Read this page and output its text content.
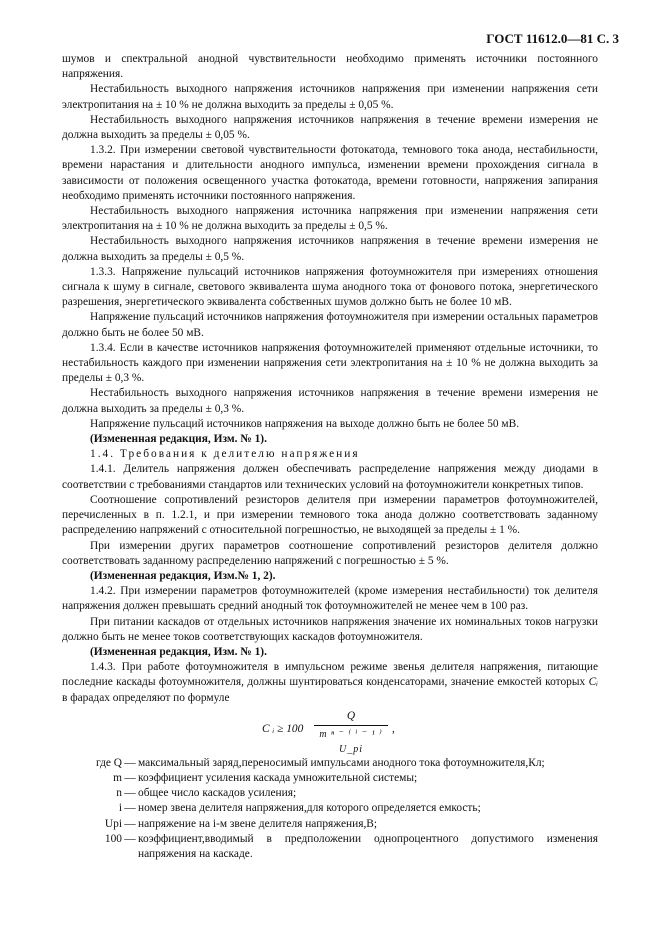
ГОСТ 11612.0—81 С. 3

шумов и спектральной анодной чувствительности необходимо применять источники постоянного напряжения.

Нестабильность выходного напряжения источников напряжения при изменении напряжения сети электропитания на ± 10 % не должна выходить за пределы ± 0,05 %.

Нестабильность выходного напряжения источников напряжения в течение времени измерения не должна выходить за пределы ± 0,05 %.

1.3.2. При измерении световой чувствительности фотокатода, темнового тока анода, нестабильности, времени нарастания и длительности анодного импульса, изменении времени прохождения сигнала в зависимости от положения освещенного участка фотокатода, времени готовности, напряжения запирания необходимо применять источники постоянного напряжения.

Нестабильность выходного напряжения источника напряжения при изменении напряжения сети электропитания на ± 10 % не должна выходить за пределы ± 0,5 %.

Нестабильность выходного напряжения источников напряжения в течение времени измерения не должна выходить за пределы ± 0,5 %.

1.3.3. Напряжение пульсаций источников напряжения фотоумножителя при измерениях отношения сигнала к шуму в сигнале, светового эквивалента шума анодного тока от фонового потока, энергетического разрешения, энергетического эквивалента собственных шумов должно быть не более 10 мВ.

Напряжение пульсаций источников напряжения фотоумножителя при измерении остальных параметров должно быть не более 50 мВ.

1.3.4. Если в качестве источников напряжения фотоумножителей применяют отдельные источники, то нестабильность каждого при изменении напряжения сети электропитания на ± 10 % не должна выходить за пределы ± 0,3 %.

Нестабильность выходного напряжения источников напряжения в течение времени измерения не должна выходить за пределы ± 0,3 %.

Напряжение пульсаций источников напряжения на выходе должно быть не более 50 мВ.

(Измененная редакция, Изм. № 1).

1.4. Требования к делителю напряжения

1.4.1. Делитель напряжения должен обеспечивать распределение напряжения между диодами в соответствии с требованиями стандартов или технических условий на фотоумножители конкретных типов.

Соотношение сопротивлений резисторов делителя при измерении параметров фотоумножителей, перечисленных в п. 1.2.1, и при измерении темнового тока анода должно соответствовать заданному распределению напряжений с относительной погрешностью, не выходящей за пределы ± 1 %.

При измерении других параметров соотношение сопротивлений резисторов делителя должно соответствовать заданному распределению напряжений с погрешностью ± 5 %.

(Измененная редакция, Изм.№ 1, 2).

1.4.2. При измерении параметров фотоумножителей (кроме измерения нестабильности) ток делителя напряжения должен превышать средний анодный ток фотоумножителей не менее чем в 100 раз.

При питании каскадов от отдельных источников напряжения значение их номинальных токов нагрузки должно быть не менее токов соответствующих каскадов фотоумножителя.

(Измененная редакция, Изм. № 1).

1.4.3. При работе фотоумножителя в импульсном режиме звенья делителя напряжения, питающие последние каскады фотоумножителя, должны шунтироваться конденсаторами, значение емкостей которых Cᵢ в фарадах определяют по формуле

C ᵢ ≥ $100 \frac{Q}{\text{m ⁿ ⁻ ⁽ ⁱ ⁻ ¹ ⁾ U\_pi}}$ ,
где Q — максимальный заряд,переносимый импульсами анодного тока фотоумножителя,Кл;
m — коэффициент усиления каскада умножительной системы;
n — общее число каскадов усиления;
i — номер звена делителя напряжения,для которого определяется емкость;
Upi — напряжение на i-м звене делителя напряжения,В;
100 — коэффициент,вводимый в предположении однопроцентного допустимого изменения напряжения на каскаде.
